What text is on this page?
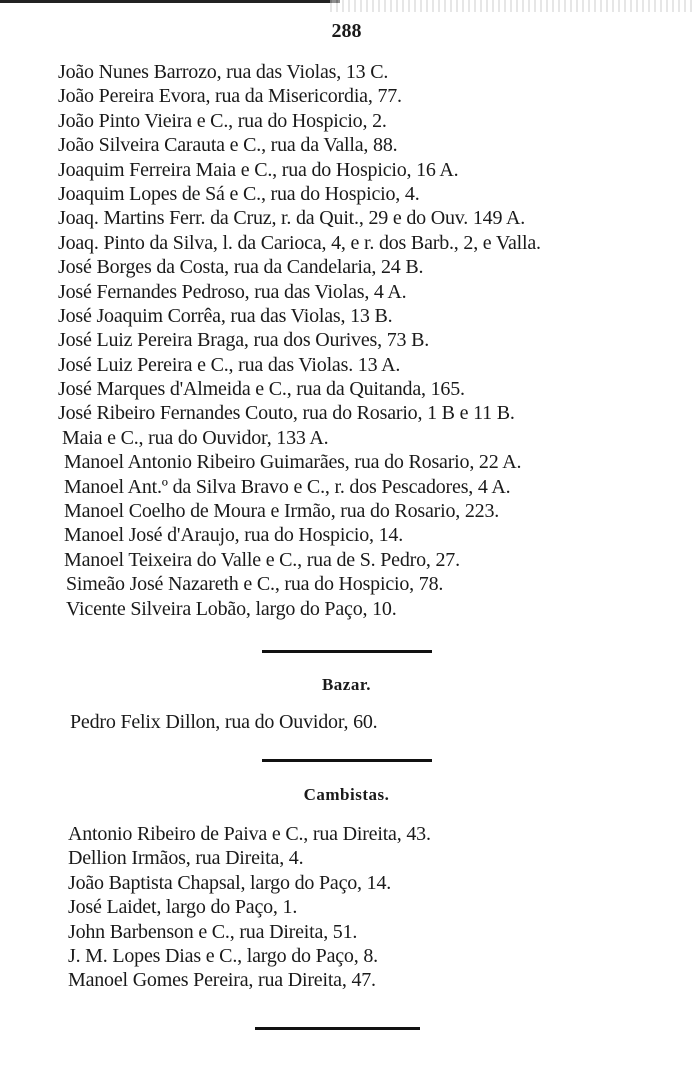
288
João Nunes Barrozo, rua das Violas, 13 C.
João Pereira Evora, rua da Misericordia, 77.
João Pinto Vieira e C., rua do Hospicio, 2.
João Silveira Carauta e C., rua da Valla, 88.
Joaquim Ferreira Maia e C., rua do Hospicio, 16 A.
Joaquim Lopes de Sá e C., rua do Hospicio, 4.
Joaq. Martins Ferr. da Cruz, r. da Quit., 29 e do Ouv. 149 A.
Joaq. Pinto da Silva, l. da Carioca, 4, e r. dos Barb., 2, e Valla.
José Borges da Costa, rua da Candelaria, 24 B.
José Fernandes Pedroso, rua das Violas, 4 A.
José Joaquim Corrêa, rua das Violas, 13 B.
José Luiz Pereira Braga, rua dos Ourives, 73 B.
José Luiz Pereira e C., rua das Violas. 13 A.
José Marques d'Almeida e C., rua da Quitanda, 165.
José Ribeiro Fernandes Couto, rua do Rosario, 1 B e 11 B.
Maia e C., rua do Ouvidor, 133 A.
Manoel Antonio Ribeiro Guimarães, rua do Rosario, 22 A.
Manoel Ant.º da Silva Bravo e C., r. dos Pescadores, 4 A.
Manoel Coelho de Moura e Irmão, rua do Rosario, 223.
Manoel José d'Araujo, rua do Hospicio, 14.
Manoel Teixeira do Valle e C., rua de S. Pedro, 27.
Simeão José Nazareth e C., rua do Hospicio, 78.
Vicente Silveira Lobão, largo do Paço, 10.
Bazar.
Pedro Felix Dillon, rua do Ouvidor, 60.
Cambistas.
Antonio Ribeiro de Paiva e C., rua Direita, 43.
Dellion Irmãos, rua Direita, 4.
João Baptista Chapsal, largo do Paço, 14.
José Laidet, largo do Paço, 1.
John Barbenson e C., rua Direita, 51.
J. M. Lopes Dias e C., largo do Paço, 8.
Manoel Gomes Pereira, rua Direita, 47.
